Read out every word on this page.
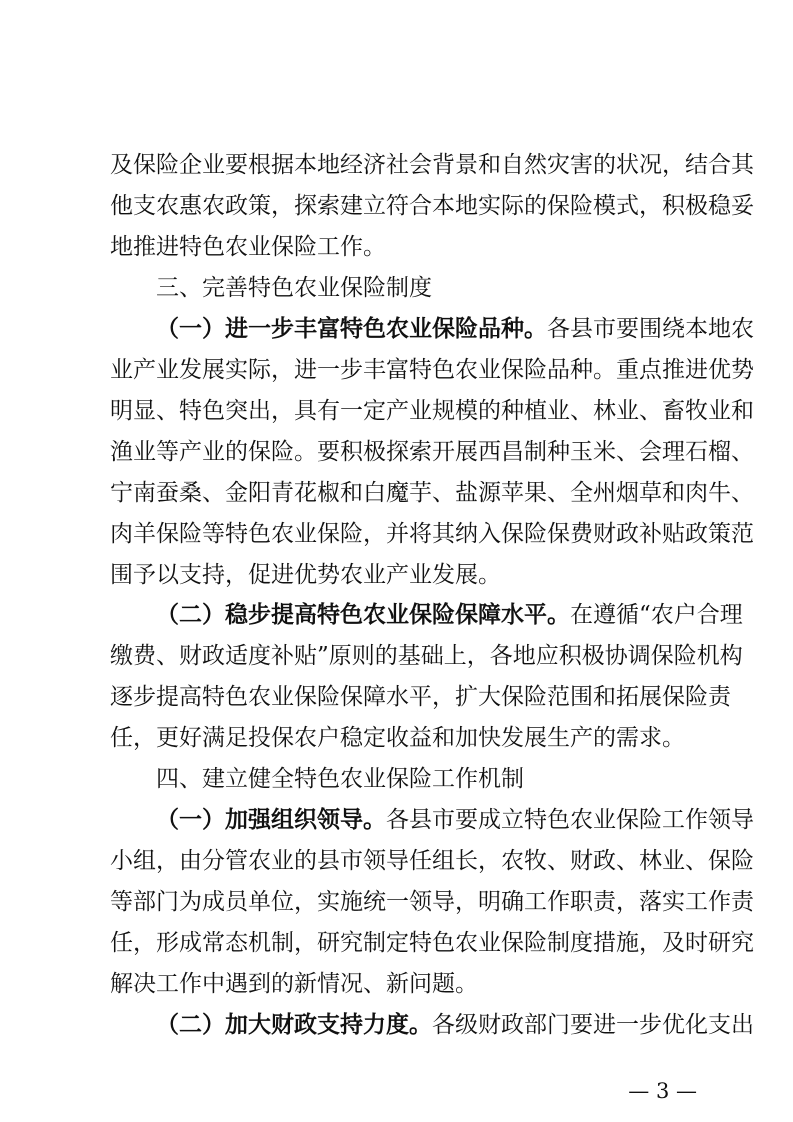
及保险企业要根据本地经济社会背景和自然灾害的状况，结合其
他支农惠农政策，探索建立符合本地实际的保险模式，积极稳妥
地推进特色农业保险工作。
三、完善特色农业保险制度
（一）进一步丰富特色农业保险品种。各县市要围绕本地农
业产业发展实际，进一步丰富特色农业保险品种。重点推进优势
明显、特色突出，具有一定产业规模的种植业、林业、畜牧业和
渔业等产业的保险。要积极探索开展西昌制种玉米、会理石榴、
宁南蚕桑、金阳青花椒和白魔芋、盐源苹果、全州烟草和肉牛、
肉羊保险等特色农业保险，并将其纳入保险保费财政补贴政策范
围予以支持，促进优势农业产业发展。
（二）稳步提高特色农业保险保障水平。在遵循“农户合理
缴费、财政适度补贴”原则的基础上，各地应积极协调保险机构
逐步提高特色农业保险保障水平，扩大保险范围和拓展保险责
任，更好满足投保农户稳定收益和加快发展生产的需求。
四、建立健全特色农业保险工作机制
（一）加强组织领导。各县市要成立特色农业保险工作领导
小组，由分管农业的县市领导任组长，农牧、财政、林业、保险
等部门为成员单位，实施统一领导，明确工作职责，落实工作责
任，形成常态机制，研究制定特色农业保险制度措施，及时研究
解决工作中遇到的新情况、新问题。
（二）加大财政支持力度。各级财政部门要进一步优化支出
— 3 —
